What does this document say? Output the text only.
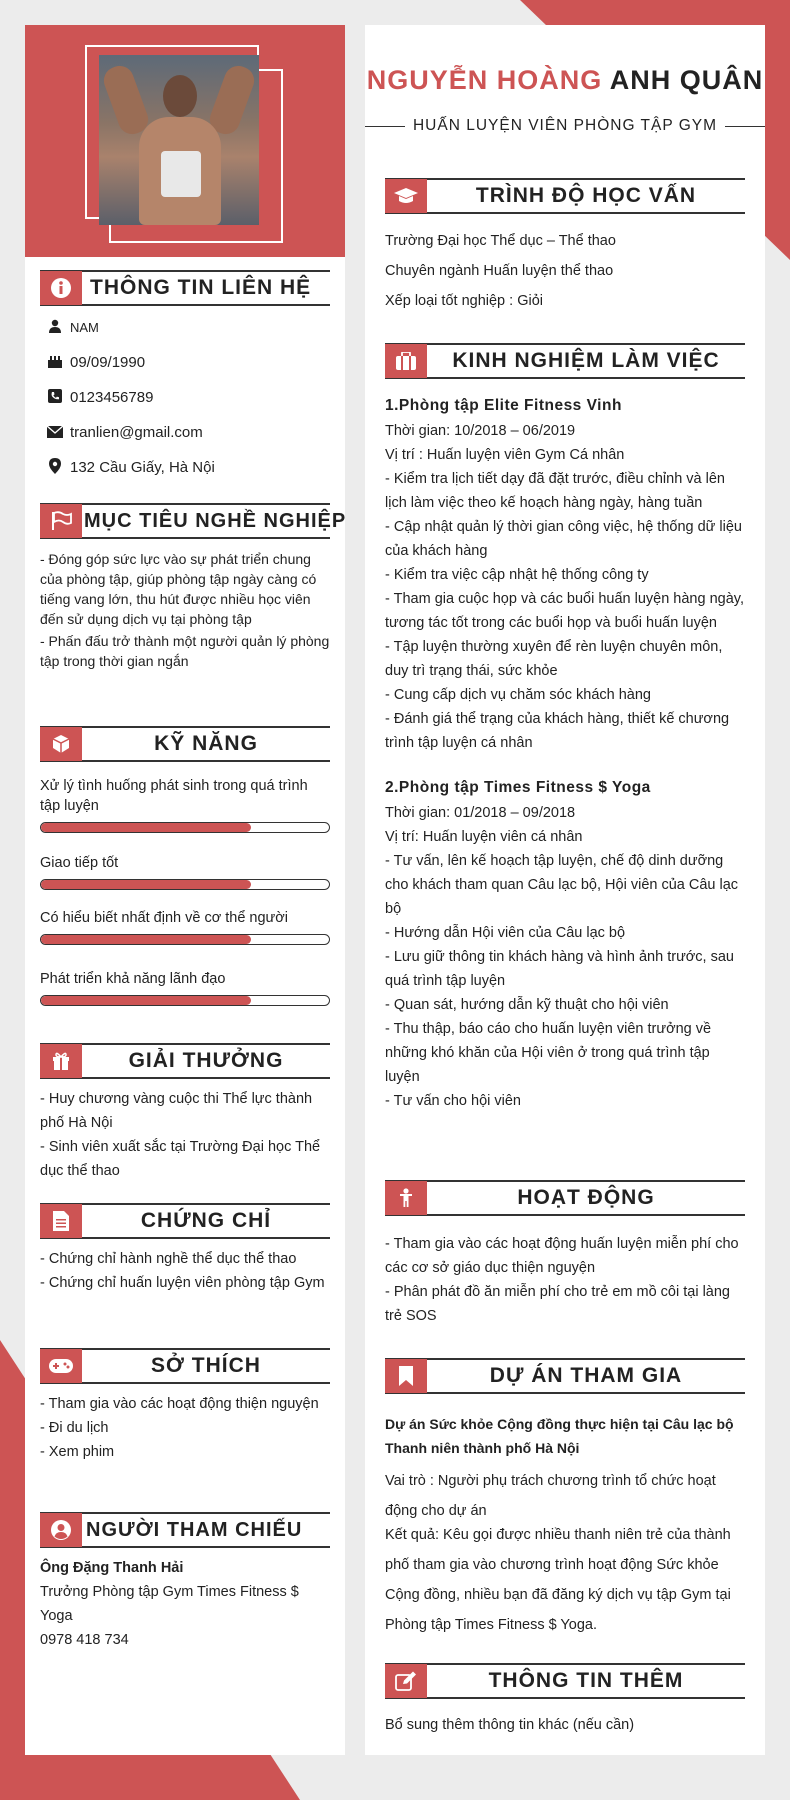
THÔNG TIN LIÊN HỆ
NAM
09/09/1990
0123456789
tranlien@gmail.com
132 Cầu Giấy, Hà Nội
MỤC TIÊU NGHỀ NGHIỆP

- Đóng góp sức lực vào sự phát triển chung của phòng tập, giúp phòng tập ngày càng có tiếng vang lớn, thu hút được nhiều học viên đến sử dụng dịch vụ tại phòng tập

- Phấn đấu trở thành một người quản lý phòng tập trong thời gian ngắn

KỸ NĂNG
Xử lý tình huống phát sinh trong quá trình tập luyện
Giao tiếp tốt
Có hiểu biết nhất định về cơ thể người
Phát triển khả năng lãnh đạo
GIẢI THƯỞNG

- Huy chương vàng cuộc thi Thể lực thành phố Hà Nội

- Sinh viên xuất sắc tại Trường Đại học Thể dục thể thao

CHỨNG CHỈ

- Chứng chỉ hành nghề thể dục thể thao

- Chứng chỉ huấn luyện viên phòng tập Gym

SỞ THÍCH

- Tham gia vào các hoạt động thiện nguyện

- Đi du lịch

- Xem phim

NGƯỜI THAM CHIẾU

Ông Đặng Thanh Hải

Trưởng Phòng tập Gym Times Fitness $ Yoga

0978 418 734

NGUYỄN HOÀNG ANH QUÂN
HUẤN LUYỆN VIÊN PHÒNG TẬP GYM
TRÌNH ĐỘ HỌC VẤN

Trường Đại học Thể dục – Thể thao

Chuyên ngành Huấn luyện thể thao

Xếp loại tốt nghiệp : Giỏi

KINH NGHIỆM LÀM VIỆC

1.Phòng tập Elite Fitness Vinh

Thời gian: 10/2018 – 06/2019

Vị trí : Huấn luyện viên Gym Cá nhân

- Kiểm tra lịch tiết dạy đã đặt trước, điều chỉnh và lên lịch làm việc theo kế hoạch hàng ngày, hàng tuần

- Cập nhật quản lý thời gian công việc, hệ thống dữ liệu của khách hàng

- Kiểm tra việc cập nhật hệ thống công ty

- Tham gia cuộc họp và các buổi huấn luyện hàng ngày, tương tác tốt trong các buổi họp và buổi huấn luyện

- Tập luyện thường xuyên để rèn luyện chuyên môn, duy trì trạng thái, sức khỏe

- Cung cấp dịch vụ chăm sóc khách hàng

- Đánh giá thể trạng của khách hàng, thiết kế chương trình tập luyện cá nhân

2.Phòng tập Times Fitness $ Yoga

Thời gian: 01/2018 – 09/2018

Vị trí: Huấn luyện viên cá nhân

- Tư vấn, lên kế hoạch tập luyện, chế độ dinh dưỡng cho khách tham quan Câu lạc bộ, Hội viên của Câu lạc bộ

- Hướng dẫn Hội viên của Câu lạc bộ

- Lưu giữ thông tin khách hàng và hình ảnh trước, sau quá trình tập luyện

- Quan sát, hướng dẫn kỹ thuật cho hội viên

- Thu thập, báo cáo cho huấn luyện viên trưởng về những khó khăn của Hội viên ở trong quá trình tập luyện

- Tư vấn cho hội viên

HOẠT ĐỘNG

- Tham gia vào các hoạt động huấn luyện miễn phí cho các cơ sở giáo dục thiện nguyện

- Phân phát đồ ăn miễn phí cho trẻ em mồ côi tại làng trẻ SOS

DỰ ÁN THAM GIA

Dự án Sức khỏe Cộng đồng thực hiện tại Câu lạc bộ Thanh niên thành phố Hà Nội

Vai trò : Người phụ trách chương trình tổ chức hoạt động cho dự án

Kết quả: Kêu gọi được nhiều thanh niên trẻ của thành phố tham gia vào chương trình hoạt động Sức khỏe Cộng đồng, nhiều bạn đã đăng ký dịch vụ tập Gym tại Phòng tập Times Fitness $ Yoga.

THÔNG TIN THÊM

Bổ sung thêm thông tin khác (nếu cần)
